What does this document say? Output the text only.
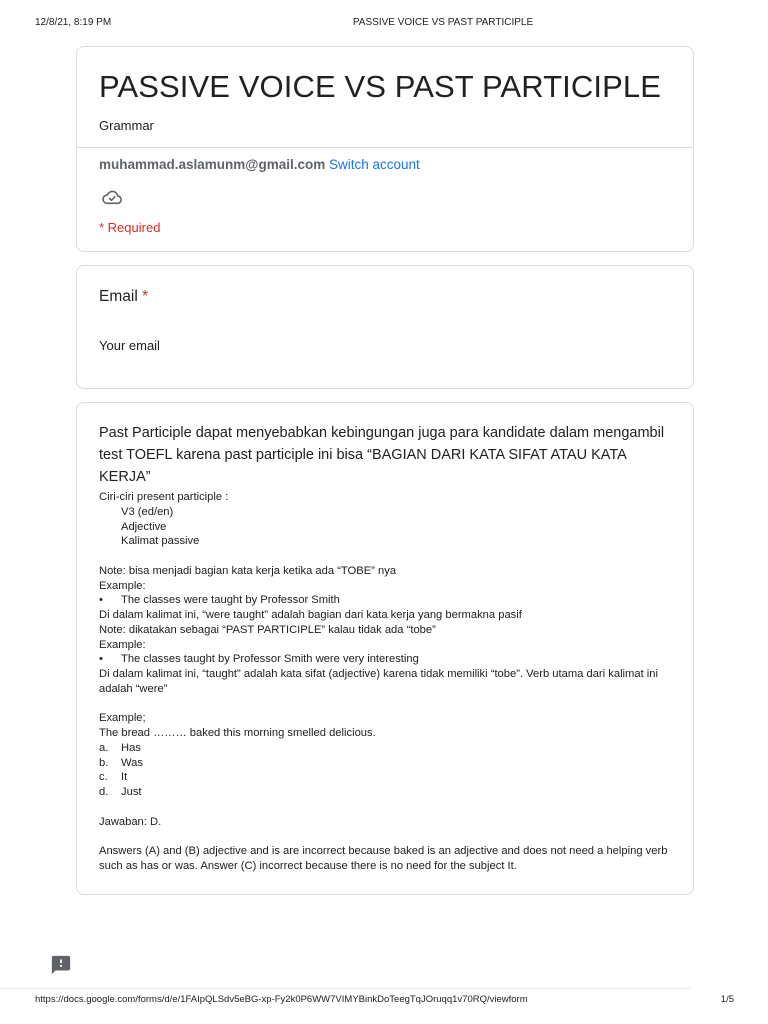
12/8/21, 8:19 PM	PASSIVE VOICE VS PAST PARTICIPLE
PASSIVE VOICE VS PAST PARTICIPLE
Grammar
muhammad.aslamunm@gmail.com Switch account
* Required
Email *
Your email
Past Participle dapat menyebabkan kebingungan juga para kandidate dalam mengambil test TOEFL karena past participle ini bisa “BAGIAN DARI KATA SIFAT ATAU KATA KERJA”
Ciri-ciri present participle :
V3 (ed/en)
Adjective
Kalimat passive
Note: bisa menjadi bagian kata kerja ketika ada “TOBE” nya
Example:
• The classes were taught by Professor Smith
Di dalam kalimat ini, “were taught” adalah bagian dari kata kerja yang bermakna pasif
Note: dikatakan sebagai “PAST PARTICIPLE” kalau tidak ada “tobe”
Example:
• The classes taught by Professor Smith were very interesting
Di dalam kalimat ini, “taught” adalah kata sifat (adjective) karena tidak memiliki “tobe”. Verb utama dari kalimat ini adalah “were”
Example;
The bread ……… baked this morning smelled delicious.
a. Has
b. Was
c. It
d. Just
Jawaban: D.
Answers (A) and (B) adjective and is are incorrect because baked is an adjective and does not need a helping verb such as has or was. Answer (C) incorrect because there is no need for the subject It.
https://docs.google.com/forms/d/e/1FAIpQLSdv5eBG-xp-Fy2k0P6WW7VIMYBinkDoTeegTqJOruqq1v70RQ/viewform	1/5
